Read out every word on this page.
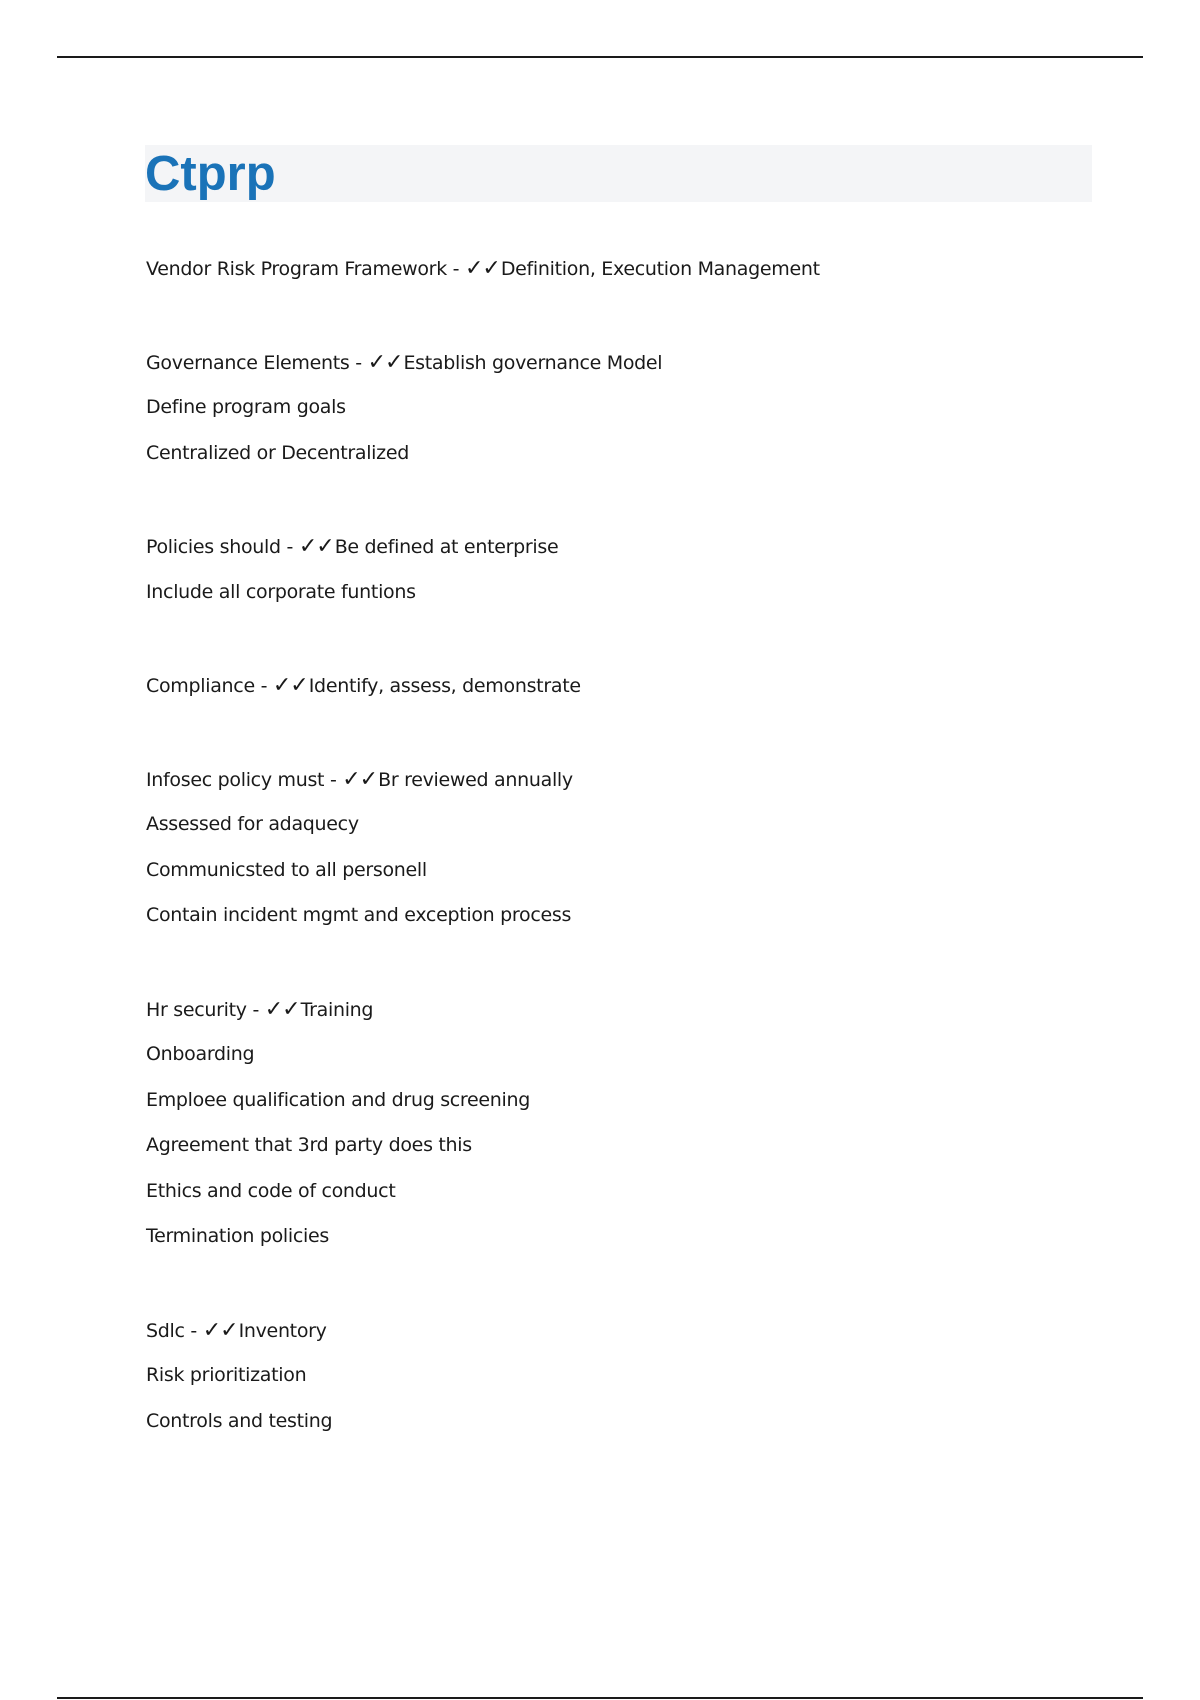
Ctprp
Vendor Risk Program Framework - ✓✓Definition, Execution Management
Governance Elements - ✓✓Establish governance Model
Define program goals
Centralized or Decentralized
Policies should - ✓✓Be defined at enterprise
Include all corporate funtions
Compliance - ✓✓Identify, assess, demonstrate
Infosec policy must - ✓✓Br reviewed annually
Assessed for adaquecy
Communicsted to all personell
Contain incident mgmt and exception process
Hr security - ✓✓Training
Onboarding
Emploee qualification and drug screening
Agreement that 3rd party does this
Ethics and code of conduct
Termination policies
Sdlc - ✓✓Inventory
Risk prioritization
Controls and testing
